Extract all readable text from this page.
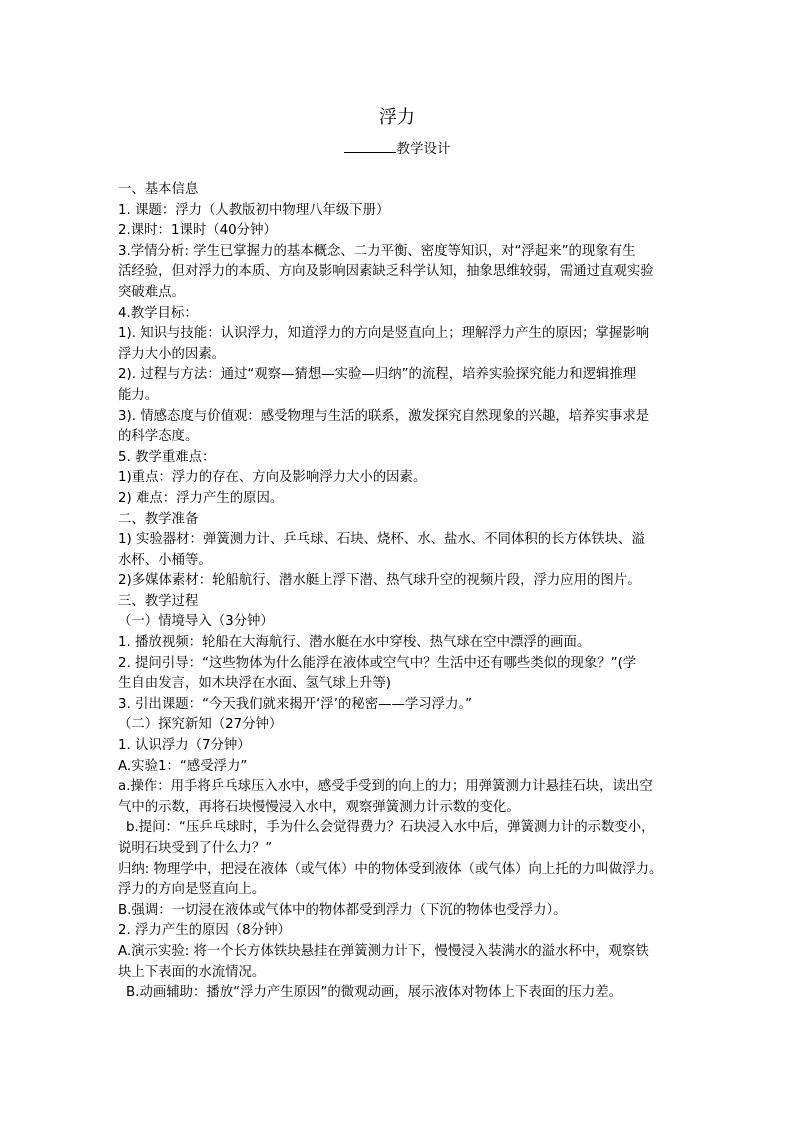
浮力
教学设计

一、基本信息

1. 课题：浮力（人教版初中物理八年级下册）

2.课时：1课时（40分钟）

3.学情分析: 学生已掌握力的基本概念、二力平衡、密度等知识，对“浮起来”的现象有生

活经验，但对浮力的本质、方向及影响因素缺乏科学认知，抽象思维较弱，需通过直观实验

突破难点。

4.教学目标：

1). 知识与技能：认识浮力，知道浮力的方向是竖直向上；理解浮力产生的原因；掌握影响

浮力大小的因素。

2). 过程与方法：通过“观察—猜想—实验—归纳”的流程，培养实验探究能力和逻辑推理

能力。

3). 情感态度与价值观：感受物理与生活的联系，激发探究自然现象的兴趣，培养实事求是

的科学态度。

5. 教学重难点：

1)重点：浮力的存在、方向及影响浮力大小的因素。

2) 难点：浮力产生的原因。

二、教学准备

1) 实验器材：弹簧测力计、乒乓球、石块、烧杯、水、盐水、不同体积的长方体铁块、溢

水杯、小桶等。

2)多媒体素材：轮船航行、潜水艇上浮下潜、热气球升空的视频片段，浮力应用的图片。

三、教学过程

（一）情境导入（3分钟）

1. 播放视频：轮船在大海航行、潜水艇在水中穿梭、热气球在空中漂浮的画面。

2. 提问引导：“这些物体为什么能浮在液体或空气中？生活中还有哪些类似的现象？”(学

生自由发言，如木块浮在水面、氢气球上升等)

3. 引出课题：“今天我们就来揭开‘浮’的秘密——学习浮力。”

（二）探究新知（27分钟）

1. 认识浮力（7分钟）

A.实验1：“感受浮力”

a.操作：用手将乒乓球压入水中，感受手受到的向上的力；用弹簧测力计悬挂石块，读出空

气中的示数，再将石块慢慢浸入水中，观察弹簧测力计示数的变化。

b.提问：“压乒乓球时，手为什么会觉得费力？石块浸入水中后，弹簧测力计的示数变小，

说明石块受到了什么力？”

归纳: 物理学中，把浸在液体（或气体）中的物体受到液体（或气体）向上托的力叫做浮力。

浮力的方向是竖直向上。

B.强调：一切浸在液体或气体中的物体都受到浮力（下沉的物体也受浮力）。

2. 浮力产生的原因（8分钟）

A.演示实验: 将一个长方体铁块悬挂在弹簧测力计下，慢慢浸入装满水的溢水杯中，观察铁

块上下表面的水流情况。

B.动画辅助：播放“浮力产生原因”的微观动画，展示液体对物体上下表面的压力差。
